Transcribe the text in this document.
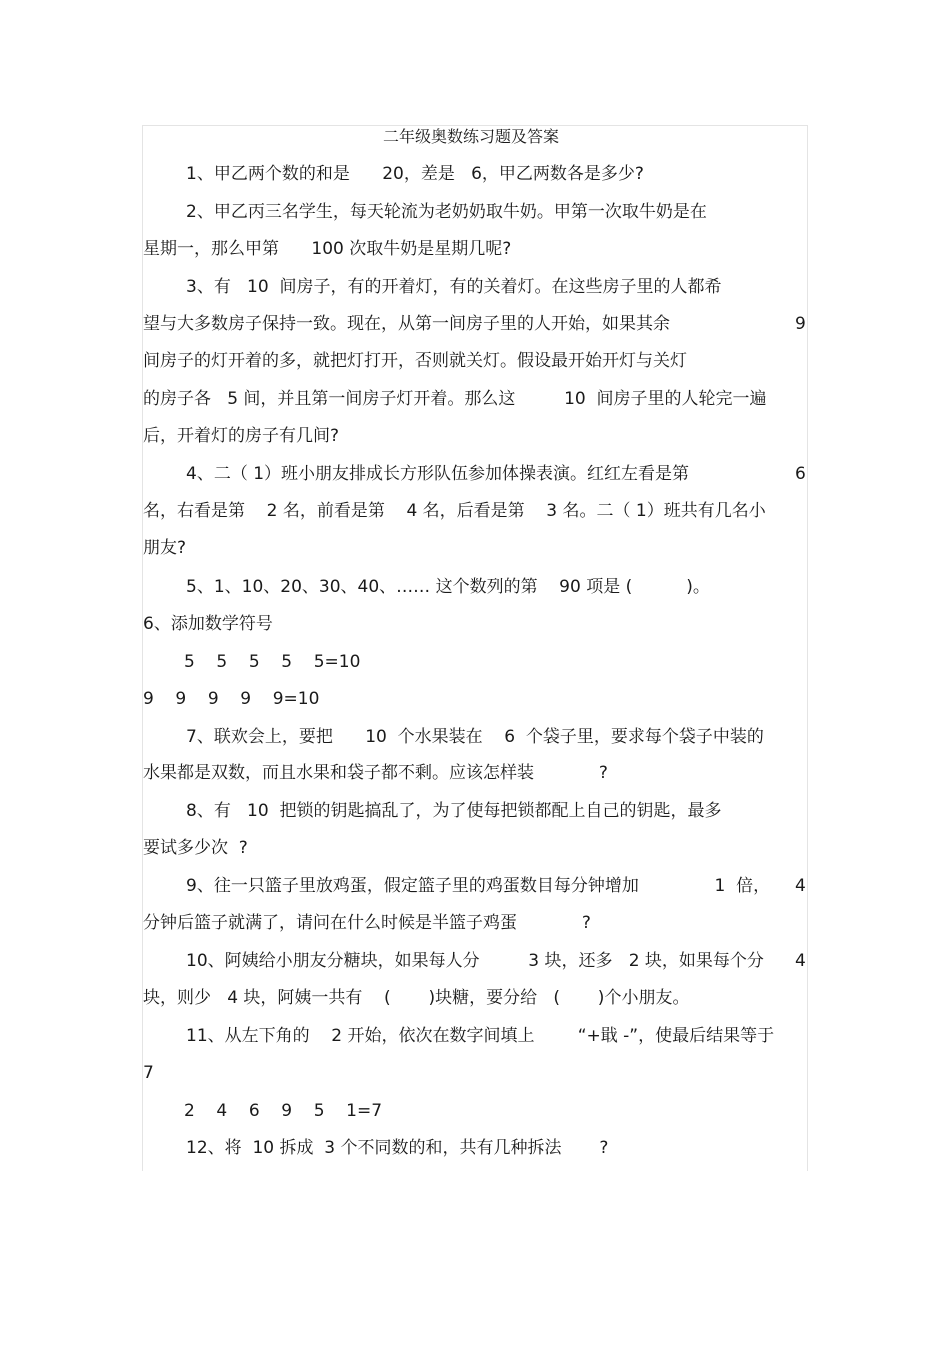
二年级奥数练习题及答案
1、甲乙两个数的和是      20，差是   6，甲乙两数各是多少?
2、甲乙丙三名学生，每天轮流为老奶奶取牛奶。甲第一次取牛奶是在
星期一，那么甲第      100 次取牛奶是星期几呢?
3、有   10  间房子，有的开着灯，有的关着灯。在这些房子里的人都希
望与大多数房子保持一致。现在，从第一间房子里的人开始，如果其余	9
间房子的灯开着的多，就把灯打开，否则就关灯。假设最开始开灯与关灯
的房子各   5 间，并且第一间房子灯开着。那么这         10  间房子里的人轮完一遍
后，开着灯的房子有几间?
4、二（ 1）班小朋友排成长方形队伍参加体操表演。红红左看是第	6
名，右看是第    2 名，前看是第    4 名，后看是第    3 名。二（ 1）班共有几名小
朋友?
5、1、10、20、30、40、…… 这个数列的第    90 项是 (          )。
6、添加数学符号
5    5    5    5    5=10
9    9    9    9    9=10
7、联欢会上，要把      10  个水果装在    6  个袋子里，要求每个袋子中装的
水果都是双数，而且水果和袋子都不剩。应该怎样装            ?
8、有   10  把锁的钥匙搞乱了，为了使每把锁都配上自己的钥匙，最多
要试多少次  ?
9、往一只篮子里放鸡蛋，假定篮子里的鸡蛋数目每分钟增加              1  倍， 4
分钟后篮子就满了，请问在什么时候是半篮子鸡蛋            ?
10、阿姨给小朋友分糖块，如果每人分         3 块，还多   2 块，如果每个分 4
块，则少   4 块，阿姨一共有    (       )块糖，要分给   (       )个小朋友。
11、从左下角的    2 开始，依次在数字间填上        “+戢 -”，使最后结果等于
7
2    4    6    9    5    1=7
12、将  10 拆成  3 个不同数的和，共有几种拆法       ?
